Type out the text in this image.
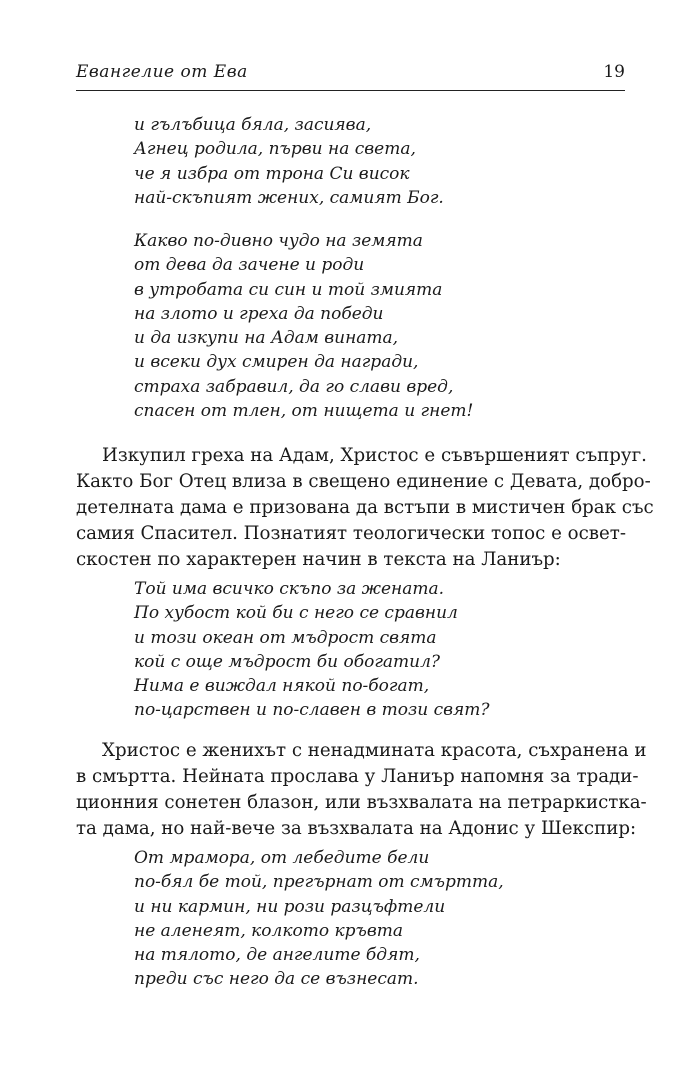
Евангелие от Ева	19
и гълъбица бяла, засиява,
Агнец родила, първи на света,
че я избра от трона Си висок
най-скъпият жених, самият Бог.
Какво по-дивно чудо на земята
от дева да зачене и роди
в утробата си син и той змията
на злото и греха да победи
и да изкупи на Адам вината,
и всеки дух смирен да награди,
страха забравил, да го слави вред,
спасен от тлен, от нищета и гнет!
Изкупил греха на Адам, Христос е съвършеният съпруг.
Както Бог Отец влиза в свещено единение с Девата, добро-
детелната дама е призована да встъпи в мистичен брак със
самия Спасител. Познатият теологически топос е освет-
скостен по характерен начин в текста на Ланиър:
Той има всичко скъпо за жената.
По хубост кой би с него се сравнил
и този океан от мъдрост свята
кой с още мъдрост би обогатил?
Нима е виждал някой по-богат,
по-царствен и по-славен в този свят?
Христос е женихът с ненадмината красота, съхранена и
в смъртта. Нейната прослава у Ланиър напомня за тради-
ционния сонетен блазон, или възхвалата на петраркистка-
та дама, но най-вече за възхвалата на Адонис у Шекспир:
От мрамора, от лебедите бели
по-бял бе той, прегърнат от смъртта,
и ни кармин, ни рози разцъфтели
не аленеят, колкото кръвта
на тялото, де ангелите бдят,
преди със него да се възнесат.
